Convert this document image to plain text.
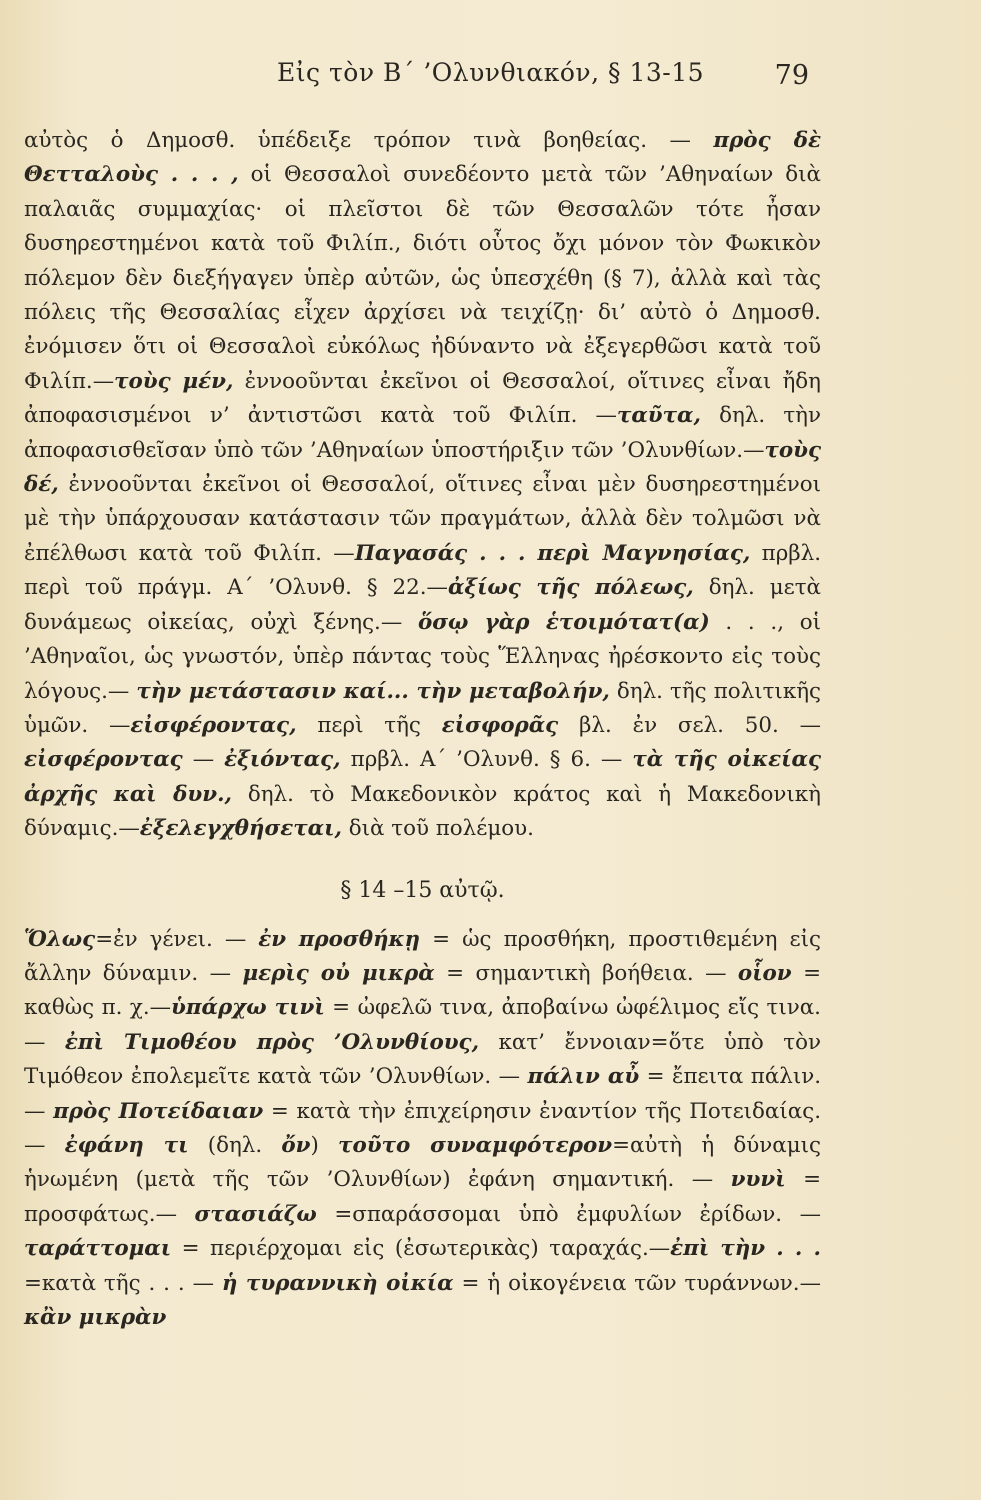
Εἰς τὸν Β΄ ’Ολυνθιακόν, § 13-15	79

αὐτὸς ὁ Δημοσθ. ὑπέδειξε τρόπον τινὰ βοηθείας. — πρὸς δὲ Θετταλοὺς . . . , οἱ Θεσσαλοὶ συνεδέοντο μετὰ τῶν ’Αθηναίων διὰ παλαιᾶς συμμαχίας· οἱ πλεῖστοι δὲ τῶν Θεσσαλῶν τότε ἦσαν δυσηρεστημένοι κατὰ τοῦ Φιλίπ., διότι οὗτος ὄχι μόνον τὸν Φωκικὸν πόλεμον δὲν διεξήγαγεν ὑπὲρ αὐτῶν, ὡς ὑπεσχέθη (§ 7), ἀλλὰ καὶ τὰς πόλεις τῆς Θεσσαλίας εἶχεν ἀρχίσει νὰ τειχίζῃ· δι’ αὐτὸ ὁ Δημοσθ. ἐνόμισεν ὅτι οἱ Θεσσαλοὶ εὐκόλως ἠδύναντο νὰ ἐξεγερθῶσι κατὰ τοῦ Φιλίπ.—τοὺς μέν, ἐννοοῦνται ἐκεῖνοι οἱ Θεσσαλοί, οἵτινες εἶναι ἤδη ἀποφασισμένοι ν’ ἀντιστῶσι κατὰ τοῦ Φιλίπ. —ταῦτα, δηλ. τὴν ἀποφασισθεῖσαν ὑπὸ τῶν ’Αθηναίων ὑποστήριξιν τῶν ’Ολυνθίων.—τοὺς δέ, ἐννοοῦνται ἐκεῖνοι οἱ Θεσσαλοί, οἵτινες εἶναι μὲν δυσηρεστημένοι μὲ τὴν ὑπάρχουσαν κατάστασιν τῶν πραγμάτων, ἀλλὰ δὲν τολμῶσι νὰ ἐπέλθωσι κατὰ τοῦ Φιλίπ. —Παγασάς . . . περὶ Μαγνησίας, πρβλ. περὶ τοῦ πράγμ. Α΄ ’Ολυνθ. § 22.—ἀξίως τῆς πόλεως, δηλ. μετὰ δυνάμεως οἰκείας, οὐχὶ ξένης.— ὅσῳ γὰρ ἑτοιμότατ(α) . . ., οἱ ’Αθηναῖοι, ὡς γνωστόν, ὑπὲρ πάντας τοὺς Ἕλληνας ἠρέσκοντο εἰς τοὺς λόγους.— τὴν μετάστασιν καί... τὴν μεταβολήν, δηλ. τῆς πολιτικῆς ὑμῶν. —εἰσφέροντας, περὶ τῆς εἰσφορᾶς βλ. ἐν σελ. 50. — εἰσφέροντας — ἐξιόντας, πρβλ. Α΄ ’Ολυνθ. § 6. — τὰ τῆς οἰκείας ἀρχῆς καὶ δυν., δηλ. τὸ Μακεδονικὸν κράτος καὶ ἡ Μακεδονικὴ δύναμις.—ἐξελεγχθήσεται, διὰ τοῦ πολέμου.

§ 14 –15 αὐτῷ.

Ὅλως=ἐν γένει. — ἐν προσθήκῃ = ὡς προσθήκη, προστιθεμένη εἰς ἄλλην δύναμιν. — μερὶς οὐ μικρὰ = σημαντικὴ βοήθεια. — οἷον = καθὼς π. χ.—ὑπάρχω τινὶ = ὠφελῶ τινα, ἀποβαίνω ὠφέλιμος εἴς τινα.— ἐπὶ Τιμοθέου πρὸς ’Ολυνθίους, κατ’ ἔννοιαν=ὅτε ὑπὸ τὸν Τιμόθεον ἐπολεμεῖτε κατὰ τῶν ’Ολυνθίων. — πάλιν αὖ = ἔπειτα πάλιν. — πρὸς Ποτείδαιαν = κατὰ τὴν ἐπιχείρησιν ἐναντίον τῆς Ποτειδαίας. — ἐφάνη τι (δηλ. ὄν) τοῦτο συναμφότερον=αὐτὴ ἡ δύναμις ἡνωμένη (μετὰ τῆς τῶν ’Ολυνθίων) ἐφάνη σημαντική. — νυνὶ = προσφάτως.— στασιάζω =σπαράσσομαι ὑπὸ ἐμφυλίων ἐρίδων. — ταράττομαι = περιέρχομαι εἰς (ἐσωτερικὰς) ταραχάς.—ἐπὶ τὴν . . . =κατὰ τῆς . . . — ἡ τυραννικὴ οἰκία = ἡ οἰκογένεια τῶν τυράννων.—κἂν μικρὰν
